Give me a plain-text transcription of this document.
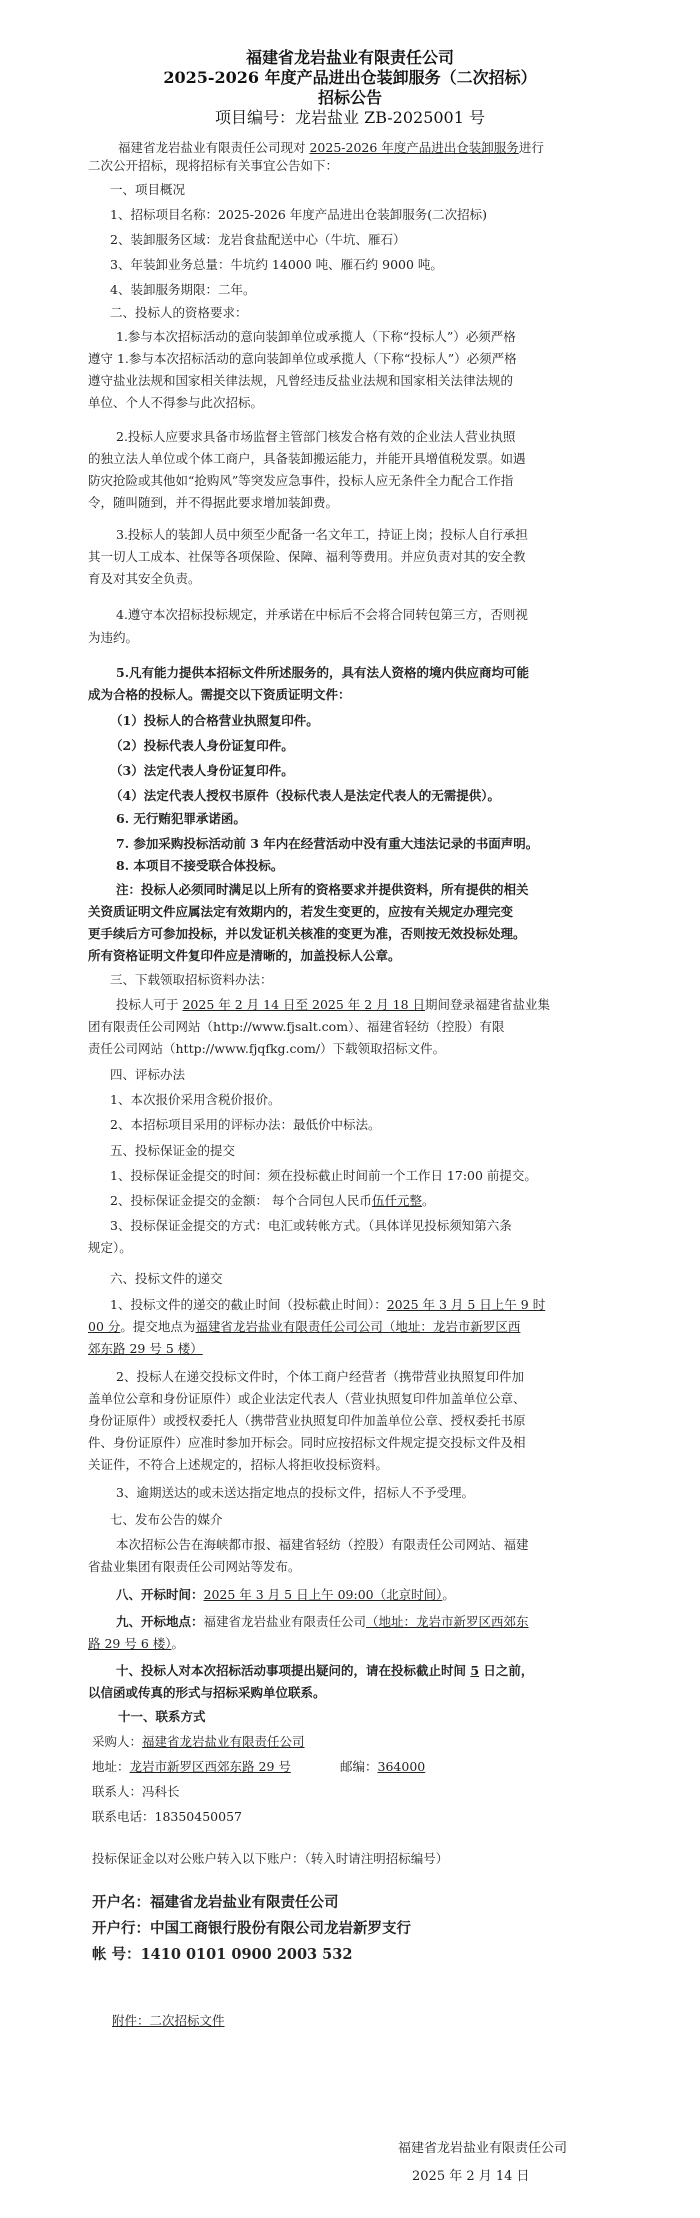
福建省龙岩盐业有限责任公司
2025-2026 年度产品进出仓装卸服务（二次招标）
招标公告
项目编号：龙岩盐业 ZB-2025001 号
福建省龙岩盐业有限责任公司现对 2025-2026 年度产品进出仓装卸服务进行
二次公开招标，现将招标有关事宜公告如下：
一、项目概况
1、招标项目名称：2025-2026 年度产品进出仓装卸服务(二次招标)
2、装卸服务区域：龙岩食盐配送中心（牛坑、雁石）
3、年装卸业务总量：牛坑约 14000 吨、雁石约 9000 吨。
4、装卸服务期限：二年。
二、投标人的资格要求：
1.参与本次招标活动的意向装卸单位或承揽人（下称“投标人”）必须严格
遵守 1.参与本次招标活动的意向装卸单位或承揽人（下称“投标人”）必须严格
遵守盐业法规和国家相关律法规，凡曾经违反盐业法规和国家相关法律法规的
单位、个人不得参与此次招标。
2.投标人应要求具备市场监督主管部门核发合格有效的企业法人营业执照
的独立法人单位或个体工商户，具备装卸搬运能力，并能开具增值税发票。如遇
防灾抢险或其他如“抢购风”等突发应急事件，投标人应无条件全力配合工作指
令，随叫随到，并不得据此要求增加装卸费。
3.投标人的装卸人员中须至少配备一名文年工，持证上岗；投标人自行承担
其一切人工成本、社保等各项保险、保障、福利等费用。并应负责对其的安全教
育及对其安全负责。
4.遵守本次招标投标规定，并承诺在中标后不会将合同转包第三方，否则视
为违约。
5.凡有能力提供本招标文件所述服务的，具有法人资格的境内供应商均可能
成为合格的投标人。需提交以下资质证明文件：
（1）投标人的合格营业执照复印件。
（2）投标代表人身份证复印件。
（3）法定代表人身份证复印件。
（4）法定代表人授权书原件（投标代表人是法定代表人的无需提供）。
6. 无行贿犯罪承诺函。
7. 参加采购投标活动前 3 年内在经营活动中没有重大违法记录的书面声明。
8. 本项目不接受联合体投标。
注：投标人必须同时满足以上所有的资格要求并提供资料，所有提供的相关
关资质证明文件应属法定有效期内的，若发生变更的，应按有关规定办理完变
更手续后方可参加投标，并以发证机关核准的变更为准，否则按无效投标处理。
所有资格证明文件复印件应是清晰的，加盖投标人公章。
三、下载领取招标资料办法：
投标人可于 2025 年 2 月 14 日至 2025 年 2 月 18 日期间登录福建省盐业集
团有限责任公司网站（http://www.fjsalt.com）、福建省轻纺（控股）有限
责任公司网站（http://www.fjqfkg.com/）下载领取招标文件。
四、评标办法
1、本次报价采用含税价报价。
2、本招标项目采用的评标办法：最低价中标法。
五、投标保证金的提交
1、投标保证金提交的时间：须在投标截止时间前一个工作日 17:00 前提交。
2、投标保证金提交的金额： 每个合同包人民币伍仟元整。
3、投标保证金提交的方式：电汇或转帐方式。（具体详见投标须知第六条
规定）。
六、投标文件的递交
1、投标文件的递交的截止时间（投标截止时间）：2025 年 3 月 5 日上午 9 时
00 分。提交地点为福建省龙岩盐业有限责任公司公司（地址：龙岩市新罗区西
郊东路 29 号 5 楼）
2、投标人在递交投标文件时，个体工商户经营者（携带营业执照复印件加
盖单位公章和身份证原件）或企业法定代表人（营业执照复印件加盖单位公章、
身份证原件）或授权委托人（携带营业执照复印件加盖单位公章、授权委托书原
件、身份证原件）应准时参加开标会。同时应按招标文件规定提交投标文件及相
关证件，不符合上述规定的，招标人将拒收投标资料。
3、逾期送达的或未送达指定地点的投标文件，招标人不予受理。
七、发布公告的媒介
本次招标公告在海峡都市报、福建省轻纺（控股）有限责任公司网站、福建
省盐业集团有限责任公司网站等发布。
八、开标时间：2025 年 3 月 5 日上午 09:00（北京时间）。
九、开标地点：福建省龙岩盐业有限责任公司（地址：龙岩市新罗区西郊东
路 29 号 6 楼）。
十、投标人对本次招标活动事项提出疑问的，请在投标截止时间 5 日之前，
以信函或传真的形式与招标采购单位联系。
十一、联系方式
采购人：福建省龙岩盐业有限责任公司
地址：龙岩市新罗区西郊东路 29 号	邮编：364000
联系人：冯科长
联系电话：18350450057
投标保证金以对公账户转入以下账户：（转入时请注明招标编号）
开户名：福建省龙岩盐业有限责任公司
开户行：中国工商银行股份有限公司龙岩新罗支行
帐 号：1410 0101 0900 2003 532
附件：二次招标文件
福建省龙岩盐业有限责任公司
2025 年 2 月 14 日
